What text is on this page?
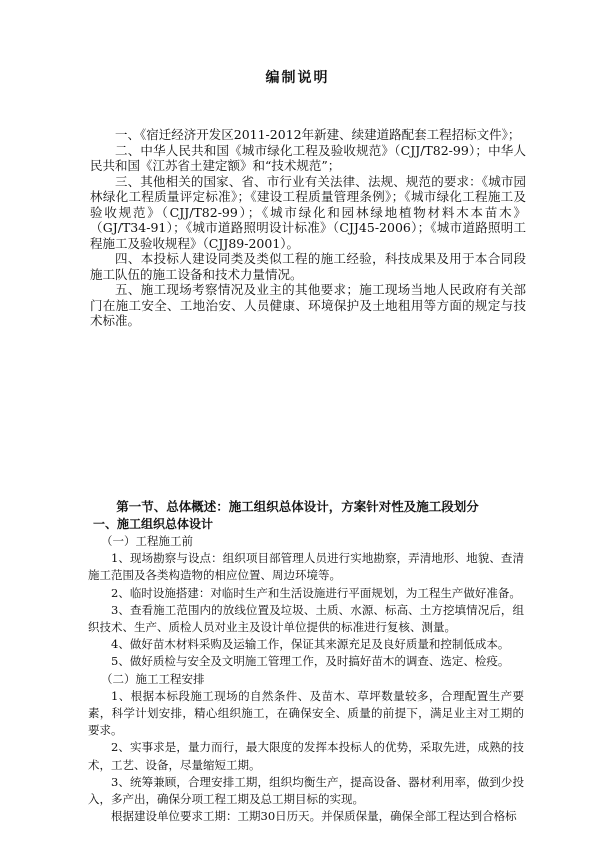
编制说明

一、《宿迁经济开发区2011-2012年新建、续建道路配套工程招标文件》；

二、中华人民共和国《城市绿化工程及验收规范》（CJJ/T82-99）；中华人民共和国《江苏省土建定额》和“技术规范”；

三、其他相关的国家、省、市行业有关法律、法规、规范的要求：《城市园林绿化工程质量评定标准》；《建设工程质量管理条例》；《城市绿化工程施工及验收规范》（CJJ/T82-99）；《城市绿化和园林绿地植物材料木本苗木》（GJ/T34-91）；《城市道路照明设计标准》（CJJ45-2006）；《城市道路照明工程施工及验收规程》（CJJ89-2001）。

四、本投标人建设同类及类似工程的施工经验，科技成果及用于本合同段施工队伍的施工设备和技术力量情况。

五、施工现场考察情况及业主的其他要求；施工现场当地人民政府有关部门在施工安全、工地治安、人员健康、环境保护及土地租用等方面的规定与技术标准。

第一节、总体概述：施工组织总体设计，方案针对性及施工段划分
一、施工组织总体设计

（一）工程施工前

1、现场勘察与设点：组织项目部管理人员进行实地勘察，弄清地形、地貌、查清施工范围及各类构造物的相应位置、周边环境等。

2、临时设施搭建：对临时生产和生活设施进行平面规划，为工程生产做好准备。

3、查看施工范围内的放线位置及垃圾、土质、水源、标高、土方挖填情况后，组织技术、生产、质检人员对业主及设计单位提供的标准进行复核、测量。

4、做好苗木材料采购及运输工作，保证其来源充足及良好质量和控制低成本。

5、做好质检与安全及文明施工管理工作，及时搞好苗木的调查、选定、检疫。

（二）施工工程安排

1、根据本标段施工现场的自然条件、及苗木、草坪数量较多，合理配置生产要素，科学计划安排，精心组织施工，在确保安全、质量的前提下，满足业主对工期的要求。

2、实事求是，量力而行，最大限度的发挥本投标人的优势，采取先进，成熟的技术，工艺、设备，尽量缩短工期。

3、统筹兼顾，合理安排工期，组织均衡生产，提高设备、器材利用率，做到少投入，多产出，确保分项工程工期及总工期目标的实现。

根据建设单位要求工期：工期30日历天。并保质保量，确保全部工程达到合格标
